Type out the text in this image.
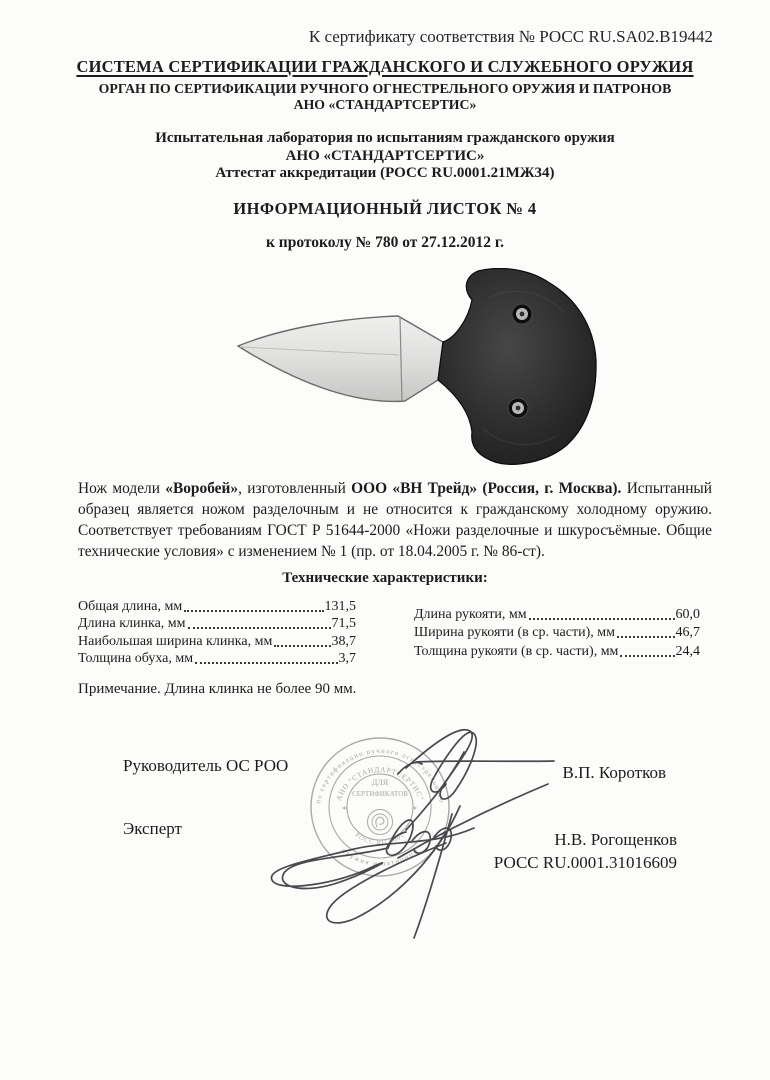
К сертификату соответствия № РОСС RU.SA02.B19442
СИСТЕМА СЕРТИФИКАЦИИ ГРАЖДАНСКОГО И СЛУЖЕБНОГО ОРУЖИЯ
ОРГАН ПО СЕРТИФИКАЦИИ РУЧНОГО ОГНЕСТРЕЛЬНОГО ОРУЖИЯ И ПАТРОНОВ
АНО «СТАНДАРТСЕРТИС»
Испытательная лаборатория по испытаниям гражданского оружия
АНО «СТАНДАРТСЕРТИС»
Аттестат аккредитации (РОСС RU.0001.21МЖ34)
ИНФОРМАЦИОННЫЙ ЛИСТОК № 4
к протоколу № 780 от 27.12.2012 г.

Нож модели «Воробей», изготовленный ООО «ВН Трейд» (Россия, г. Москва). Испытанный образец является ножом разделочным и не относится к гражданскому холодному оружию. Соответствует требованиям ГОСТ Р 51644-2000 «Ножи разделочные и шкуросъёмные. Общие технические условия» с изменением № 1 (пр. от 18.04.2005 г. № 86-ст).

Технические характеристики:
Общая длина, мм	131,5
Длина клинка, мм	71,5
Наибольшая ширина клинка, мм	38,7
Толщина обуха, мм	3,7
Длина рукояти, мм	60,0
Ширина рукояти (в ср. части), мм	46,7
Толщина рукояти (в ср. части), мм	24,4
Примечание. Длина клинка не более 90 мм.
по сертификации ручного огнестрельного
оружия и патронов
АНО "СТАНДАРТСЕРТИС"
РОСС RU.0001
*	*
ДЛЯ
СЕРТИФИКАТОВ
Руководитель ОС РОО	В.П. Коротков
Эксперт
Н.В. Рогощенков
РОСС RU.0001.31016609
